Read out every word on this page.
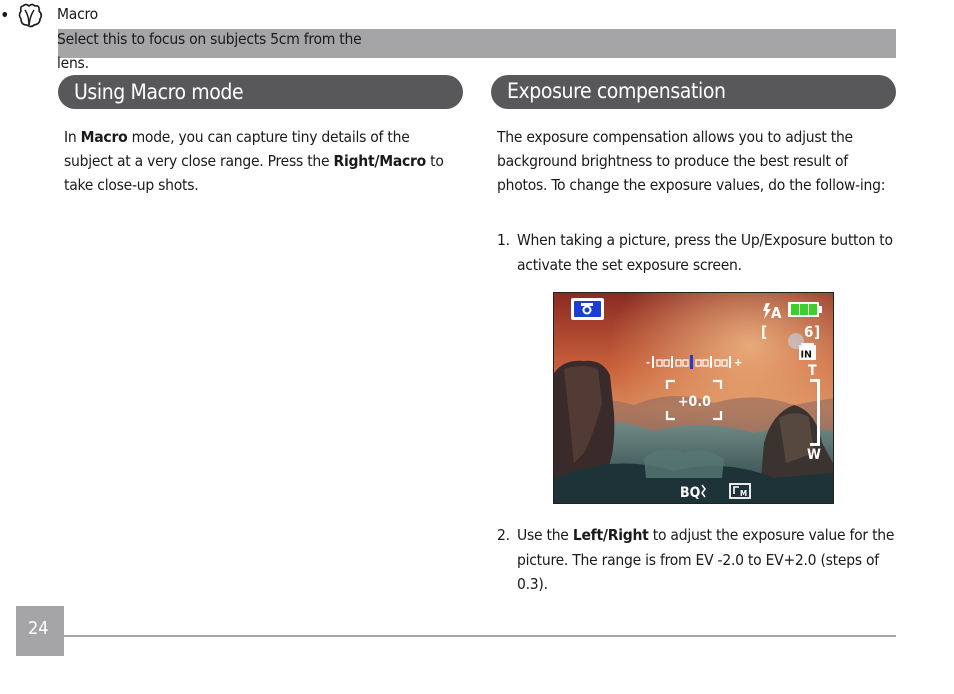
Using Macro mode
In Macro mode, you can capture tiny details of the subject at a very close range. Press the Right/Macro to take close-up shots.
•	Macro
Select this to focus on subjects 5cm from the lens.
Exposure compensation
The exposure compensation allows you to adjust the background brightness to produce the best result of photos. To change the exposure values, do the follow-ing:
1. When taking a picture, press the Up/Exposure button to activate the set exposure screen.
A
[ 6 ]
IN
T
W
-	+
+0.0
BQ	M
2. Use the Left/Right to adjust the exposure value for the picture. The range is from EV -2.0 to EV+2.0 (steps of 0.3).
24
